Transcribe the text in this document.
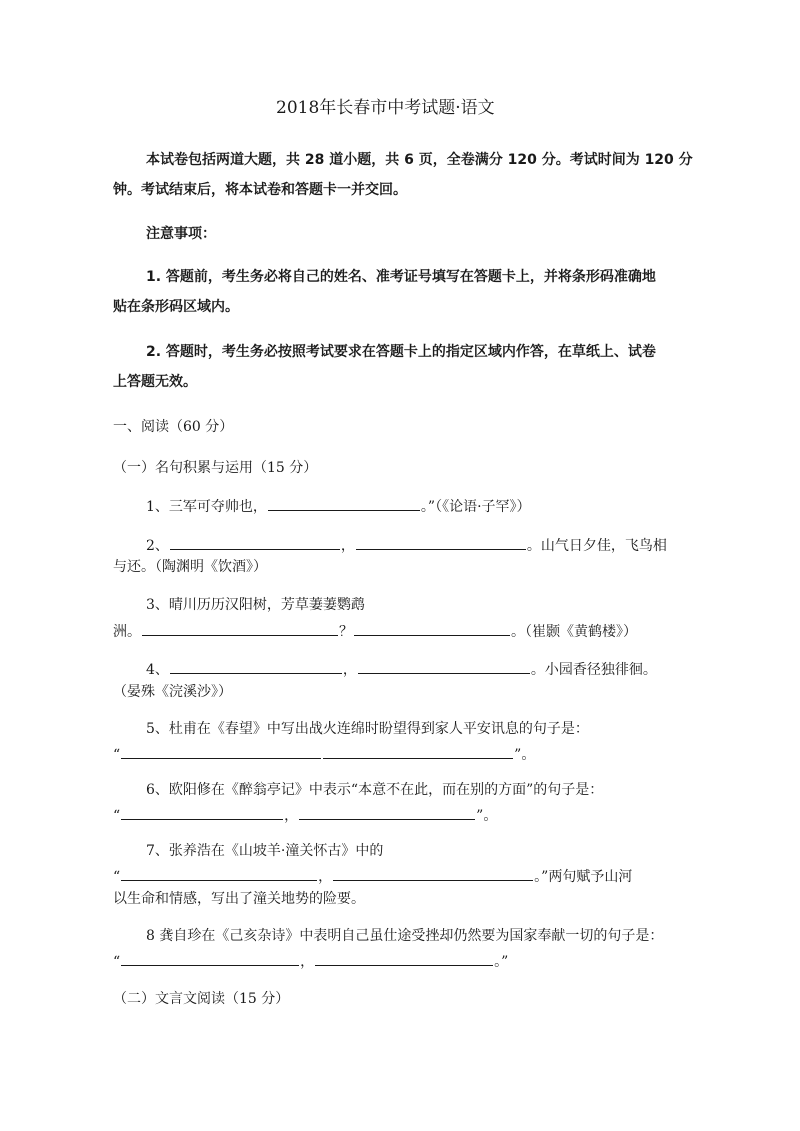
2018年长春市中考试题·语文
本试卷包括两道大题，共 28 道小题，共 6 页，全卷满分 120 分。考试时间为 120 分
钟。考试结束后，将本试卷和答题卡一并交回。
注意事项：
1. 答题前，考生务必将自己的姓名、准考证号填写在答题卡上，并将条形码准确地
贴在条形码区域内。
2. 答题时，考生务必按照考试要求在答题卡上的指定区域内作答，在草纸上、试卷
上答题无效。
一、阅读（60 分）
（一）名句积累与运用（15 分）
1、三军可夺帅也，	。”（《论语·子罕》）
2、	，	。山气日夕佳，飞鸟相
与还。（陶渊明《饮酒》）
3、晴川历历汉阳树，芳草萋萋鹦鹉
洲。	？	。（崔颢《黄鹤楼》）
4、	，	。小园香径独徘徊。
（晏殊《浣溪沙》）
5、杜甫在《春望》中写出战火连绵时盼望得到家人平安讯息的句子是：
“	”。
6、欧阳修在《醉翁亭记》中表示“本意不在此，而在别的方面”的句子是：
“	，	”。
7、张养浩在《山坡羊·潼关怀古》中的
“	，	。”两句赋予山河
以生命和情感，写出了潼关地势的险要。
8 龚自珍在《己亥杂诗》中表明自己虽仕途受挫却仍然要为国家奉献一切的句子是：
“	，	。”
（二）文言文阅读（15 分）
